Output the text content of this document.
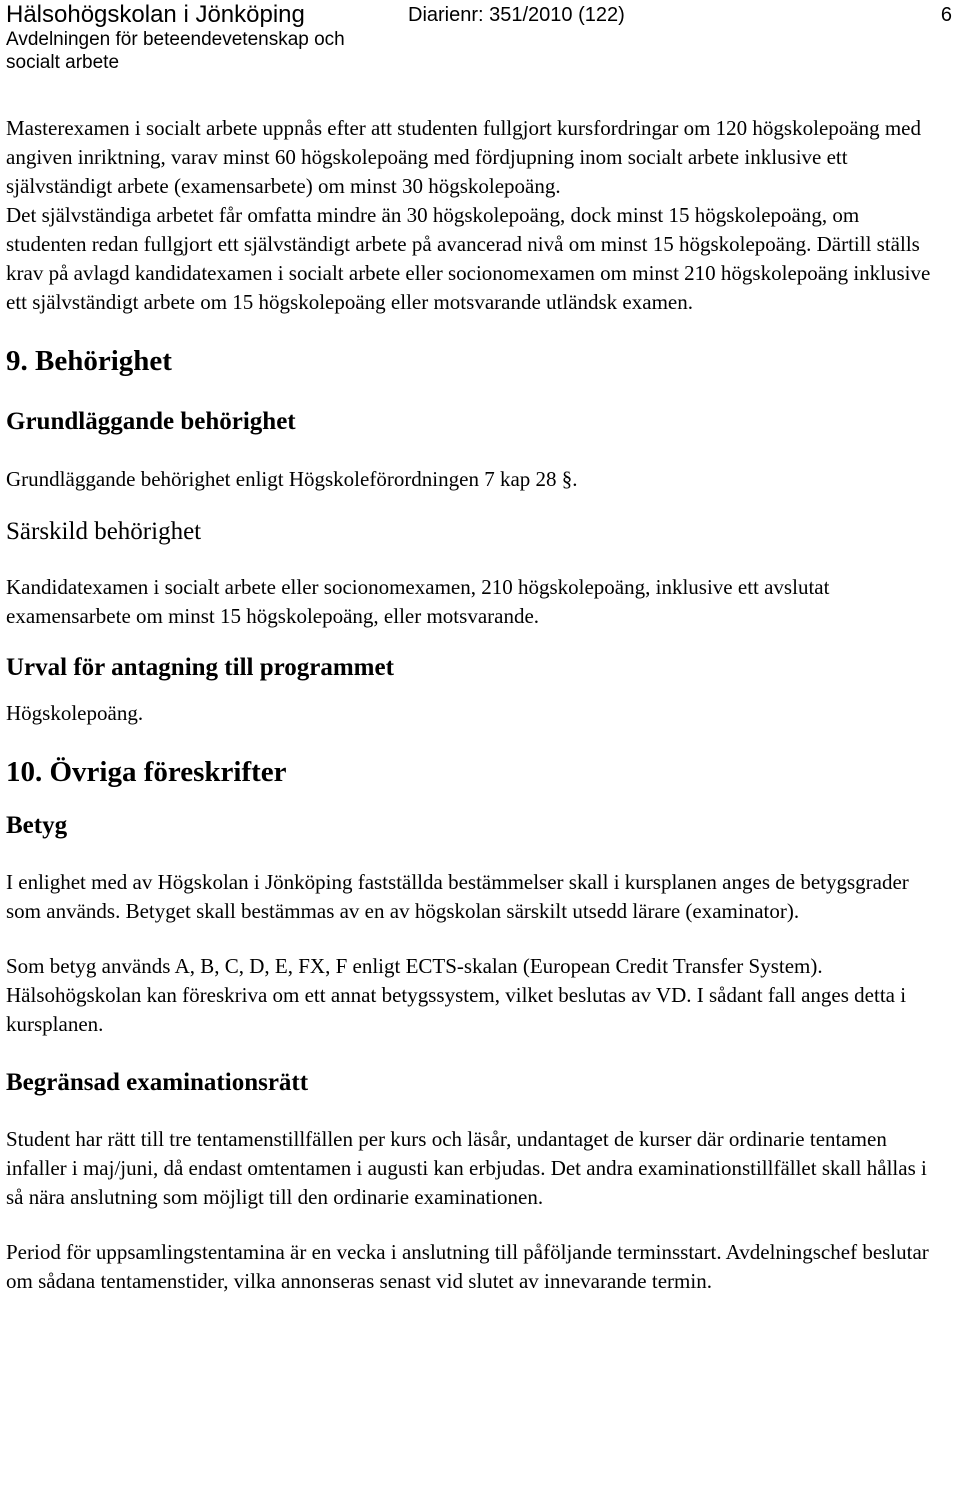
Hälsohögskolan i Jönköping
Avdelningen för beteendevetenskap och
socialt arbete
Diarienr: 351/2010 (122)	6

Masterexamen i socialt arbete uppnås efter att studenten fullgjort kursfordringar om 120 högskolepoäng med angiven inriktning, varav minst 60 högskolepoäng med fördjupning inom socialt arbete inklusive ett självständigt arbete (examensarbete) om minst 30 högskolepoäng.

Det självständiga arbetet får omfatta mindre än 30 högskolepoäng, dock minst 15 högskolepoäng, om studenten redan fullgjort ett självständigt arbete på avancerad nivå om minst 15 högskolepoäng. Därtill ställs krav på avlagd kandidatexamen i socialt arbete eller socionomexamen om minst 210 högskolepoäng inklusive ett självständigt arbete om 15 högskolepoäng eller motsvarande utländsk examen.

9. Behörighet

Grundläggande behörighet

Grundläggande behörighet enligt Högskoleförordningen 7 kap 28 §.

Särskild behörighet

Kandidatexamen i socialt arbete eller socionomexamen, 210 högskolepoäng, inklusive ett avslutat examensarbete om minst 15 högskolepoäng, eller motsvarande.

Urval för antagning till programmet

Högskolepoäng.

10. Övriga föreskrifter

Betyg

I enlighet med av Högskolan i Jönköping fastställda bestämmelser skall i kursplanen anges de betygsgrader som används. Betyget skall bestämmas av en av högskolan särskilt utsedd lärare (examinator).

Som betyg används A, B, C, D, E, FX, F enligt ECTS-skalan (European Credit Transfer System). Hälsohögskolan kan föreskriva om ett annat betygssystem, vilket beslutas av VD. I sådant fall anges detta i kursplanen.

Begränsad examinationsrätt

Student har rätt till tre tentamenstillfällen per kurs och läsår, undantaget de kurser där ordinarie tentamen infaller i maj/juni, då endast omtentamen i augusti kan erbjudas. Det andra examinationstillfället skall hållas i så nära anslutning som möjligt till den ordinarie examinationen.

Period för uppsamlingstentamina är en vecka i anslutning till påföljande terminsstart. Avdelningschef beslutar om sådana tentamenstider, vilka annonseras senast vid slutet av innevarande termin.
